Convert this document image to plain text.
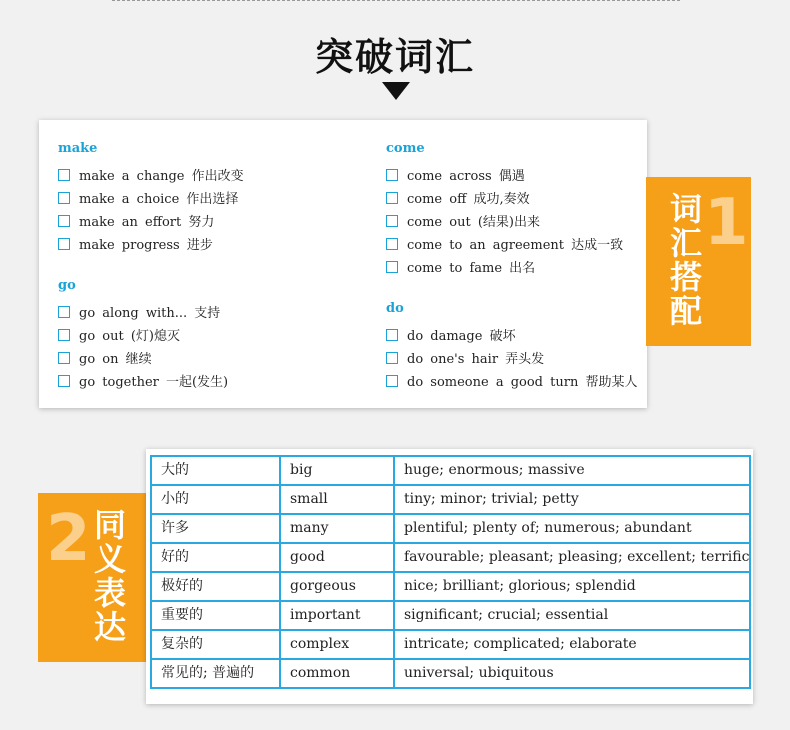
突破词汇
make
make a change 作出改变
make a choice 作出选择
make an effort 努力
make progress 进步
come
come across 偶遇
come off 成功,奏效
come out (结果)出来
come to an agreement 达成一致
come to fame 出名
go
go along with... 支持
go out (灯)熄灭
go on 继续
go together 一起(发生)
do
do damage 破坏
do one's hair 弄头发
do someone a good turn 帮助某人
1
词汇搭配
2 同义表达
大的	big	huge; enormous; massive
小的	small	tiny; minor; trivial; petty
许多	many	plentiful; plenty of; numerous; abundant
好的	good	favourable; pleasant; pleasing; excellent; terrific
极好的	gorgeous	nice; brilliant; glorious; splendid
重要的	important	significant; crucial; essential
复杂的	complex	intricate; complicated; elaborate
常见的; 普遍的	common	universal; ubiquitous
